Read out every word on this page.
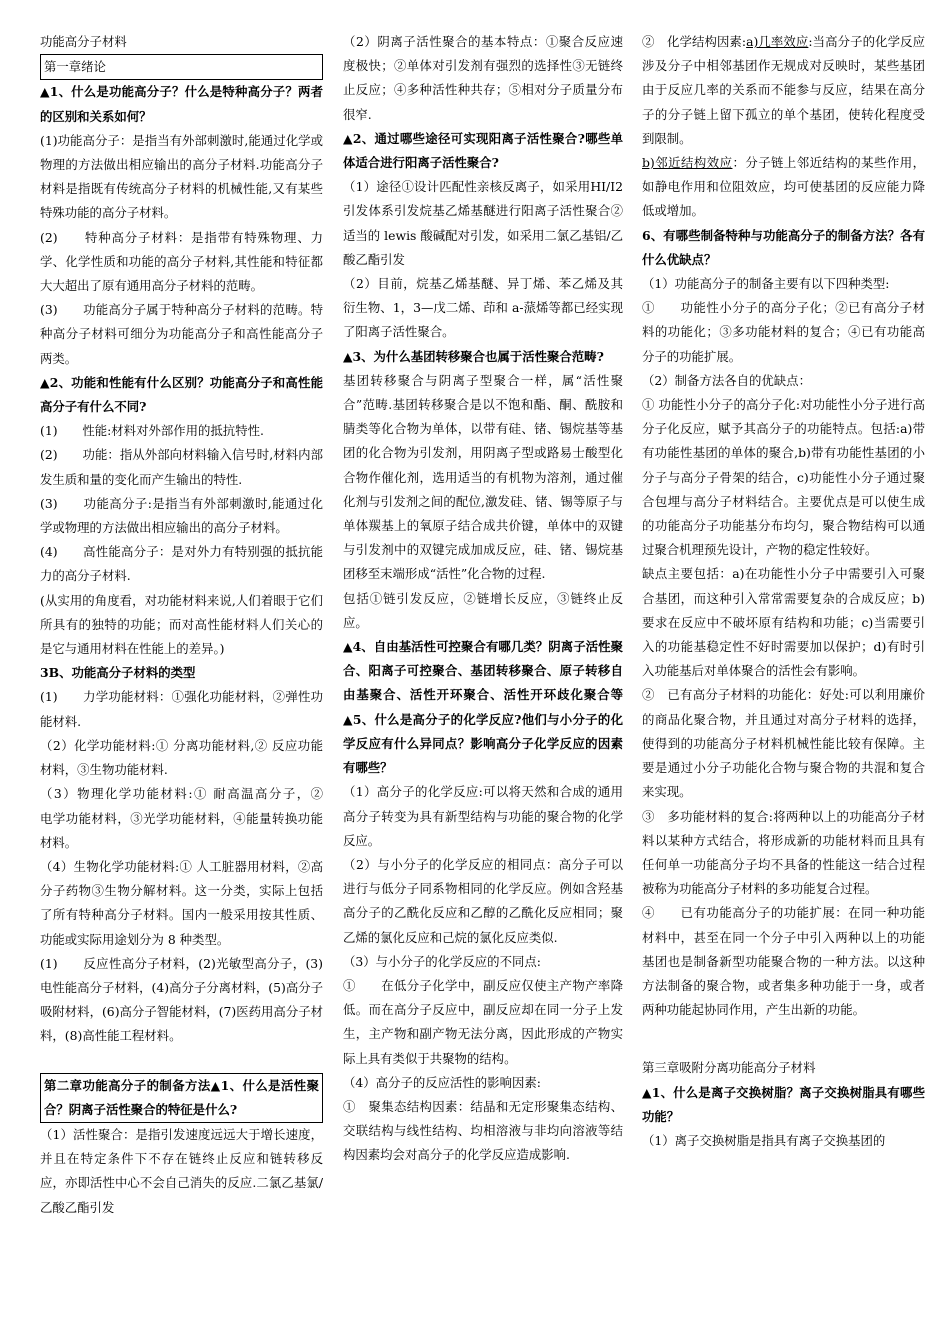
功能高分子材料

第一章绪论

▲1、什么是功能高分子？什么是特种高分子？两者的区别和关系如何？

(1)功能高分子：是指当有外部刺激时,能通过化学或物理的方法做出相应输出的高分子材料.功能高分子材料是指既有传统高分子材料的机械性能,又有某些特殊功能的高分子材料。

(2)　　特种高分子材料：是指带有特殊物理、力学、化学性质和功能的高分子材料,其性能和特征都大大超出了原有通用高分子材料的范畴。

(3)　　功能高分子属于特种高分子材料的范畴。特种高分子材料可细分为功能高分子和高性能高分子两类。

▲2、功能和性能有什么区别？功能高分子和高性能高分子有什么不同?

(1)　　性能:材料对外部作用的抵抗特性.

(2)　　功能：指从外部向材料输入信号时,材料内部发生质和量的变化而产生输出的特性.

(3)　　功能高分子:是指当有外部刺激时,能通过化学或物理的方法做出相应输出的高分子材料。

(4)　　高性能高分子：是对外力有特别强的抵抗能力的高分子材料.

(从实用的角度看，对功能材料来说,人们着眼于它们所具有的独特的功能；而对高性能材料人们关心的是它与通用材料在性能上的差异。)

3B、功能高分子材料的类型

(1)　　力学功能材料：①强化功能材料，②弹性功能材料.

（2）化学功能材料:① 分离功能材料,② 反应功能材料，③生物功能材料.

（3）物理化学功能材料:① 耐高温高分子，②　　电学功能材料，③光学功能材料，④能量转换功能材料。

（4）生物化学功能材料:① 人工脏器用材料，②高分子药物③生物分解材料。这一分类，实际上包括了所有特种高分子材料。国内一般采用按其性质、功能或实际用途划分为 8 种类型。

(1)　　反应性高分子材料，(2)光敏型高分子，(3)电性能高分子材料，(4)高分子分离材料，(5)高分子吸附材料，(6)高分子智能材料，(7)医药用高分子材料，(8)高性能工程材料。

第二章功能高分子的制备方法▲1、什么是活性聚合？阴离子活性聚合的特征是什么?

（1）活性聚合：是指引发速度远远大于增长速度，并且在特定条件下不存在链终止反应和链转移反应，亦即活性中心不会自己消失的反应.二氯乙基氯/乙酸乙酯引发

（2）阴离子活性聚合的基本特点：①聚合反应速度极快；②单体对引发剂有强烈的选择性③无链终止反应；④多种活性种共存；⑤相对分子质量分布很窄.

▲2、通过哪些途径可实现阳离子活性聚合?哪些单体适合进行阳离子活性聚合?

（1）途径①设计匹配性亲核反离子，如采用HI/I2 引发体系引发烷基乙烯基醚进行阳离子活性聚合②适当的 lewis 酸碱配对引发，如采用二氯乙基铝/乙酸乙酯引发

（2）目前，烷基乙烯基醚、异丁烯、苯乙烯及其衍生物、1，3—戊二烯、茚和 a-蒎烯等都已经实现了阳离子活性聚合。

▲3、为什么基团转移聚合也属于活性聚合范畴?

基团转移聚合与阴离子型聚合一样，属“活性聚合”范畴.基团转移聚合是以不饱和酯、酮、酰胺和腈类等化合物为单体，以带有硅、锗、锡烷基等基团的化合物为引发剂，用阴离子型或路易士酸型化合物作催化剂，选用适当的有机物为溶剂，通过催化剂与引发剂之间的配位,激发硅、锗、锡等原子与单体羰基上的氧原子结合成共价键，单体中的双键与引发剂中的双键完成加成反应，硅、锗、锡烷基团移至末端形成“活性”化合物的过程.

包括①链引发反应，②链增长反应，③链终止反应。

▲4、自由基活性可控聚合有哪几类？阴离子活性聚合、阳离子可控聚合、基团转移聚合、原子转移自由基聚合、活性开环聚合、活性开环歧化聚合等▲5、什么是高分子的化学反应?他们与小分子的化学反应有什么异同点？影响高分子化学反应的因素有哪些？

（1）高分子的化学反应:可以将天然和合成的通用高分子转变为具有新型结构与功能的聚合物的化学反应。

（2）与小分子的化学反应的相同点：高分子可以进行与低分子同系物相同的化学反应。例如含羟基高分子的乙酰化反应和乙醇的乙酰化反应相同；聚乙烯的氯化反应和己烷的氯化反应类似.

（3）与小分子的化学反应的不同点:

①　　在低分子化学中，副反应仅使主产物产率降低。而在高分子反应中，副反应却在同一分子上发生，主产物和副产物无法分离，因此形成的产物实际上具有类似于共聚物的结构。

（4）高分子的反应活性的影响因素:

①　聚集态结构因素：结晶和无定形聚集态结构、交联结构与线性结构、均相溶液与非均向溶液等结构因素均会对高分子的化学反应造成影响.

②　化学结构因素:a)几率效应:当高分子的化学反应涉及分子中相邻基团作无规成对反映时，某些基团由于反应几率的关系而不能参与反应，结果在高分子的分子链上留下孤立的单个基团，使转化程度受到限制。

b)邻近结构效应：分子链上邻近结构的某些作用，如静电作用和位阻效应，均可使基团的反应能力降低或增加。

6、有哪些制备特种与功能高分子的制备方法？各有什么优缺点？

（1）功能高分子的制备主要有以下四种类型:

①　　功能性小分子的高分子化；②已有高分子材料的功能化；③多功能材料的复合；④已有功能高分子的功能扩展。

（2）制备方法各自的优缺点：

① 功能性小分子的高分子化:对功能性小分子进行高分子化反应，赋予其高分子的功能特点。包括:a)带有功能性基团的单体的聚合,b)带有功能性基团的小分子与高分子骨架的结合，c)功能性小分子通过聚合包埋与高分子材料结合。主要优点是可以使生成的功能高分子功能基分布均匀，聚合物结构可以通过聚合机理预先设计，产物的稳定性较好。

缺点主要包括：a)在功能性小分子中需要引入可聚合基团，而这种引入常常需要复杂的合成反应；b)要求在反应中不破坏原有结构和功能；c)当需要引入的功能基稳定性不好时需要加以保护；d)有时引入功能基后对单体聚合的活性会有影响。

②　已有高分子材料的功能化：好处:可以利用廉价的商品化聚合物，并且通过对高分子材料的选择，使得到的功能高分子材料机械性能比较有保障。主要是通过小分子功能化合物与聚合物的共混和复合来实现。

③　多功能材料的复合:将两种以上的功能高分子材料以某种方式结合，将形成新的功能材料而且具有任何单一功能高分子均不具备的性能这一结合过程被称为功能高分子材料的多功能复合过程。

④　　已有功能高分子的功能扩展：在同一种功能材料中，甚至在同一个分子中引入两种以上的功能基团也是制备新型功能聚合物的一种方法。以这种方法制备的聚合物，或者集多种功能于一身，或者两种功能起协同作用，产生出新的功能。

第三章吸附分离功能高分子材料

▲1、什么是离子交换树脂？离子交换树脂具有哪些功能？

（1）离子交换树脂是指具有离子交换基团的
